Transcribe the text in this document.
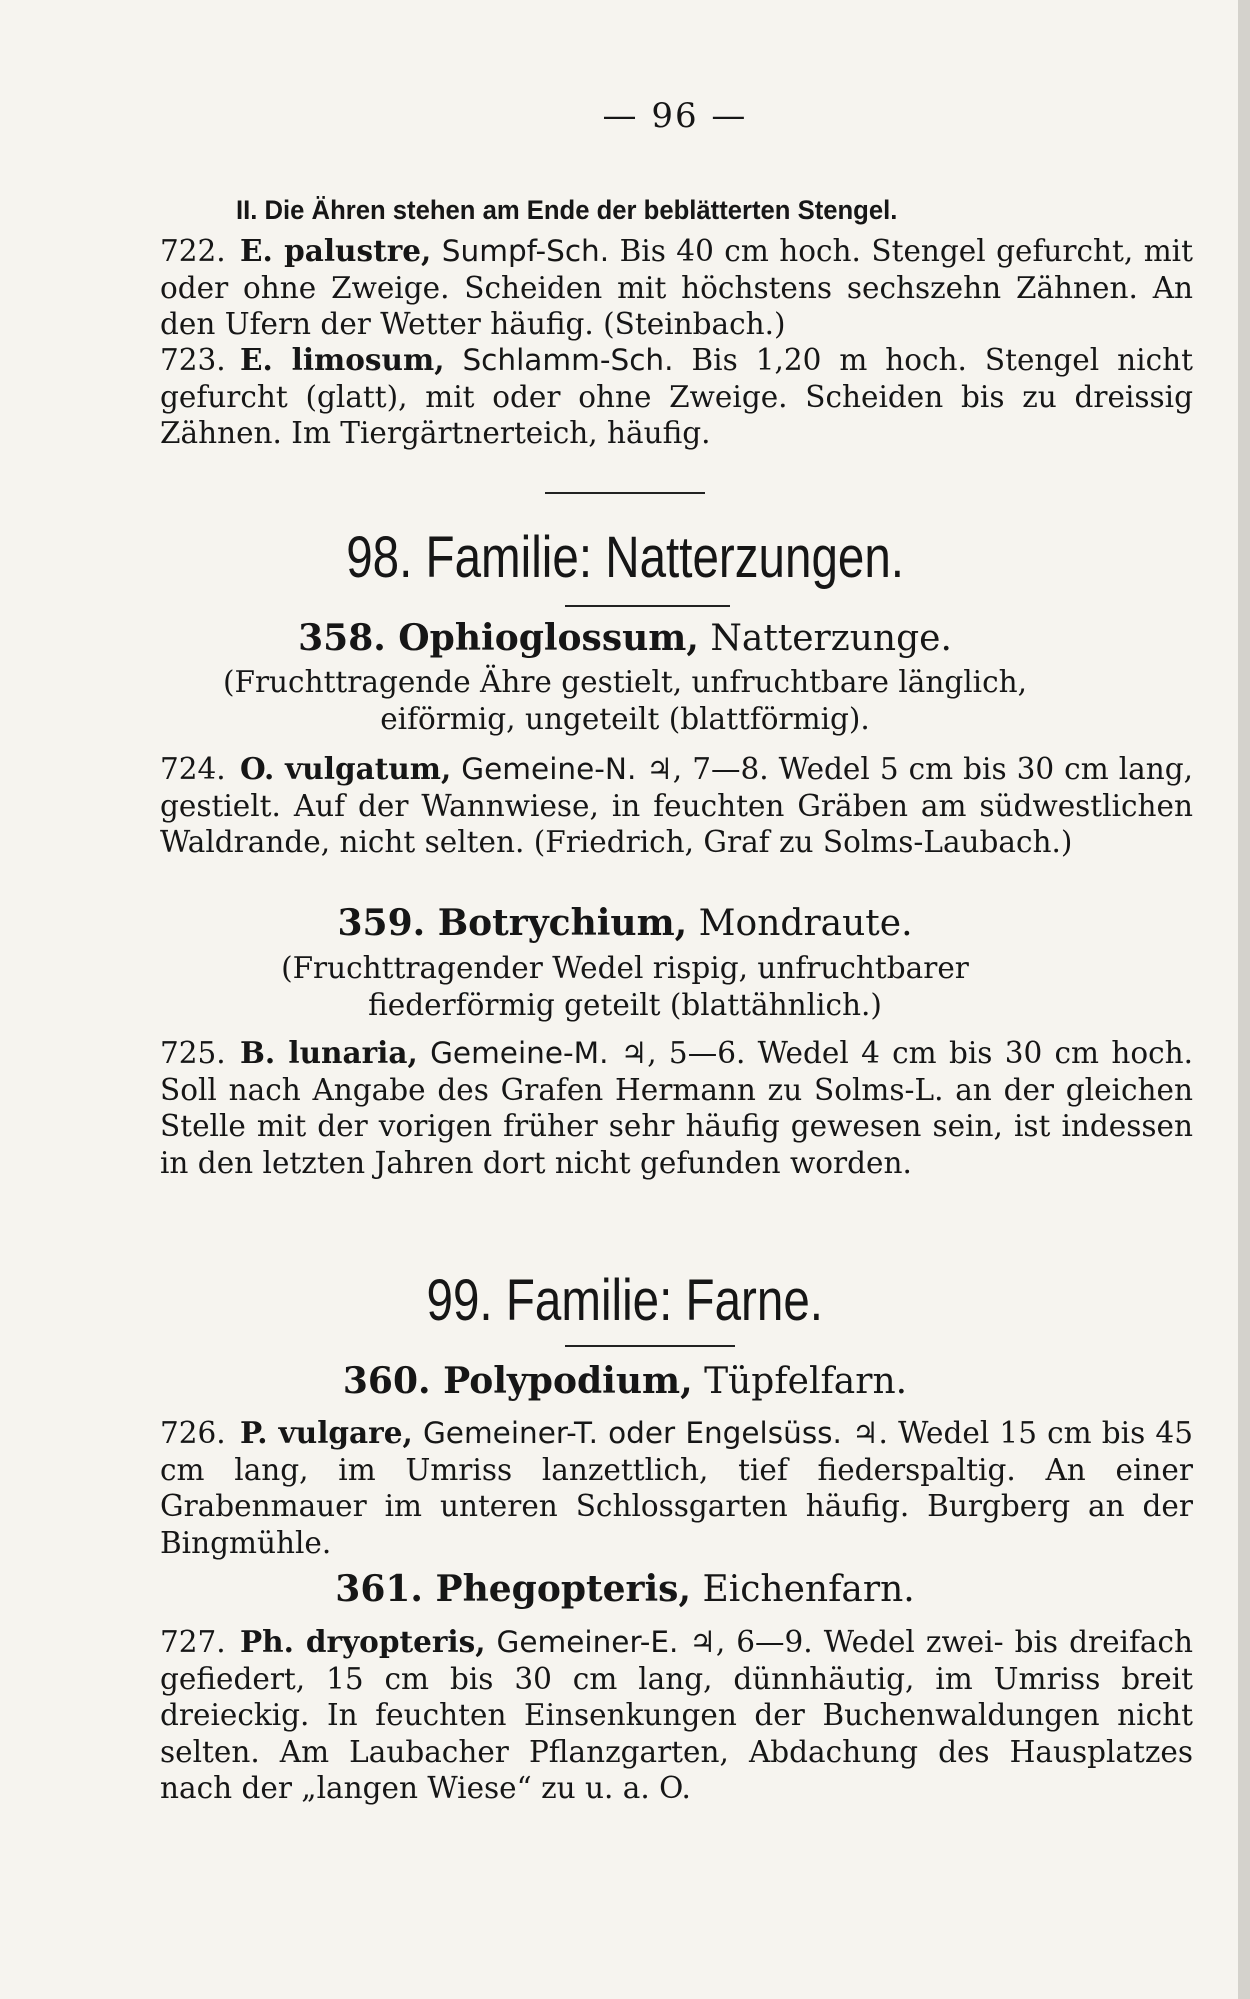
— 96 —
II. Die Ähren stehen am Ende der beblätterten Stengel.
722. E. palustre, Sumpf-Sch. Bis 40 cm hoch. Stengel gefurcht, mit oder ohne Zweige. Scheiden mit höchstens sechszehn Zähnen. An den Ufern der Wetter häufig. (Steinbach.)
723. E. limosum, Schlamm-Sch. Bis 1,20 m hoch. Stengel nicht gefurcht (glatt), mit oder ohne Zweige. Scheiden bis zu dreissig Zähnen. Im Tiergärtnerteich, häufig.
98. Familie: Natterzungen.
358. Ophioglossum, Natterzunge.
(Fruchttragende Ähre gestielt, unfruchtbare länglich,
eiförmig, ungeteilt (blattförmig).
724. O. vulgatum, Gemeine-N. ♃, 7—8. Wedel 5 cm bis 30 cm lang, gestielt. Auf der Wannwiese, in feuchten Gräben am südwestlichen Waldrande, nicht selten. (Friedrich, Graf zu Solms-Laubach.)
359. Botrychium, Mondraute.
(Fruchttragender Wedel rispig, unfruchtbarer
fiederförmig geteilt (blattähnlich.)
725. B. lunaria, Gemeine-M. ♃, 5—6. Wedel 4 cm bis 30 cm hoch. Soll nach Angabe des Grafen Hermann zu Solms-L. an der gleichen Stelle mit der vorigen früher sehr häufig gewesen sein, ist indessen in den letzten Jahren dort nicht gefunden worden.
99. Familie: Farne.
360. Polypodium, Tüpfelfarn.
726. P. vulgare, Gemeiner-T. oder Engelsüss. ♃. Wedel 15 cm bis 45 cm lang, im Umriss lanzettlich, tief fiederspaltig. An einer Grabenmauer im unteren Schlossgarten häufig. Burgberg an der Bingmühle.
361. Phegopteris, Eichenfarn.
727. Ph. dryopteris, Gemeiner-E. ♃, 6—9. Wedel zwei- bis dreifach gefiedert, 15 cm bis 30 cm lang, dünnhäutig, im Umriss breit dreieckig. In feuchten Einsenkungen der Buchenwaldungen nicht selten. Am Laubacher Pflanzgarten, Abdachung des Hausplatzes nach der „langen Wiese“ zu u. a. O.
